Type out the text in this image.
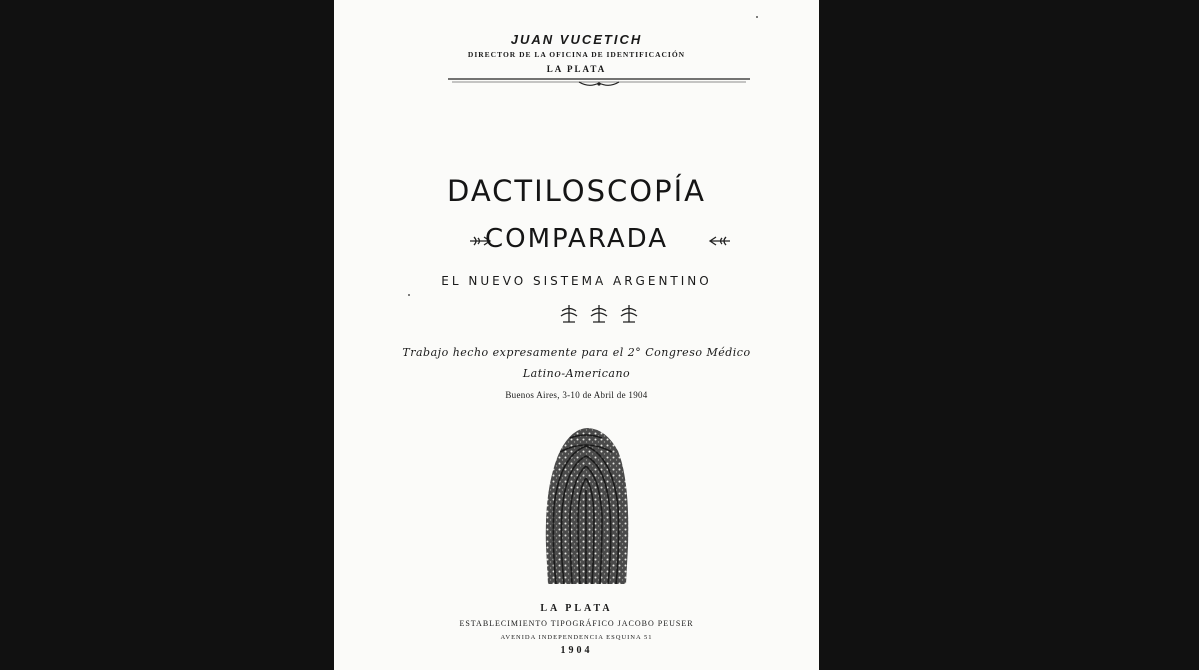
JUAN VUCETICH
DIRECTOR DE LA OFICINA DE IDENTIFICACIÓN
LA PLATA
DACTILOSCOPÍA
COMPARADA
EL NUEVO SISTEMA ARGENTINO
Trabajo hecho expresamente para el 2° Congreso Médico
Latino-Americano
Buenos Aires, 3-10 de Abril de 1904
LA PLATA
ESTABLECIMIENTO TIPOGRÁFICO JACOBO PEUSER
AVENIDA INDEPENDENCIA ESQUINA 51
1904
